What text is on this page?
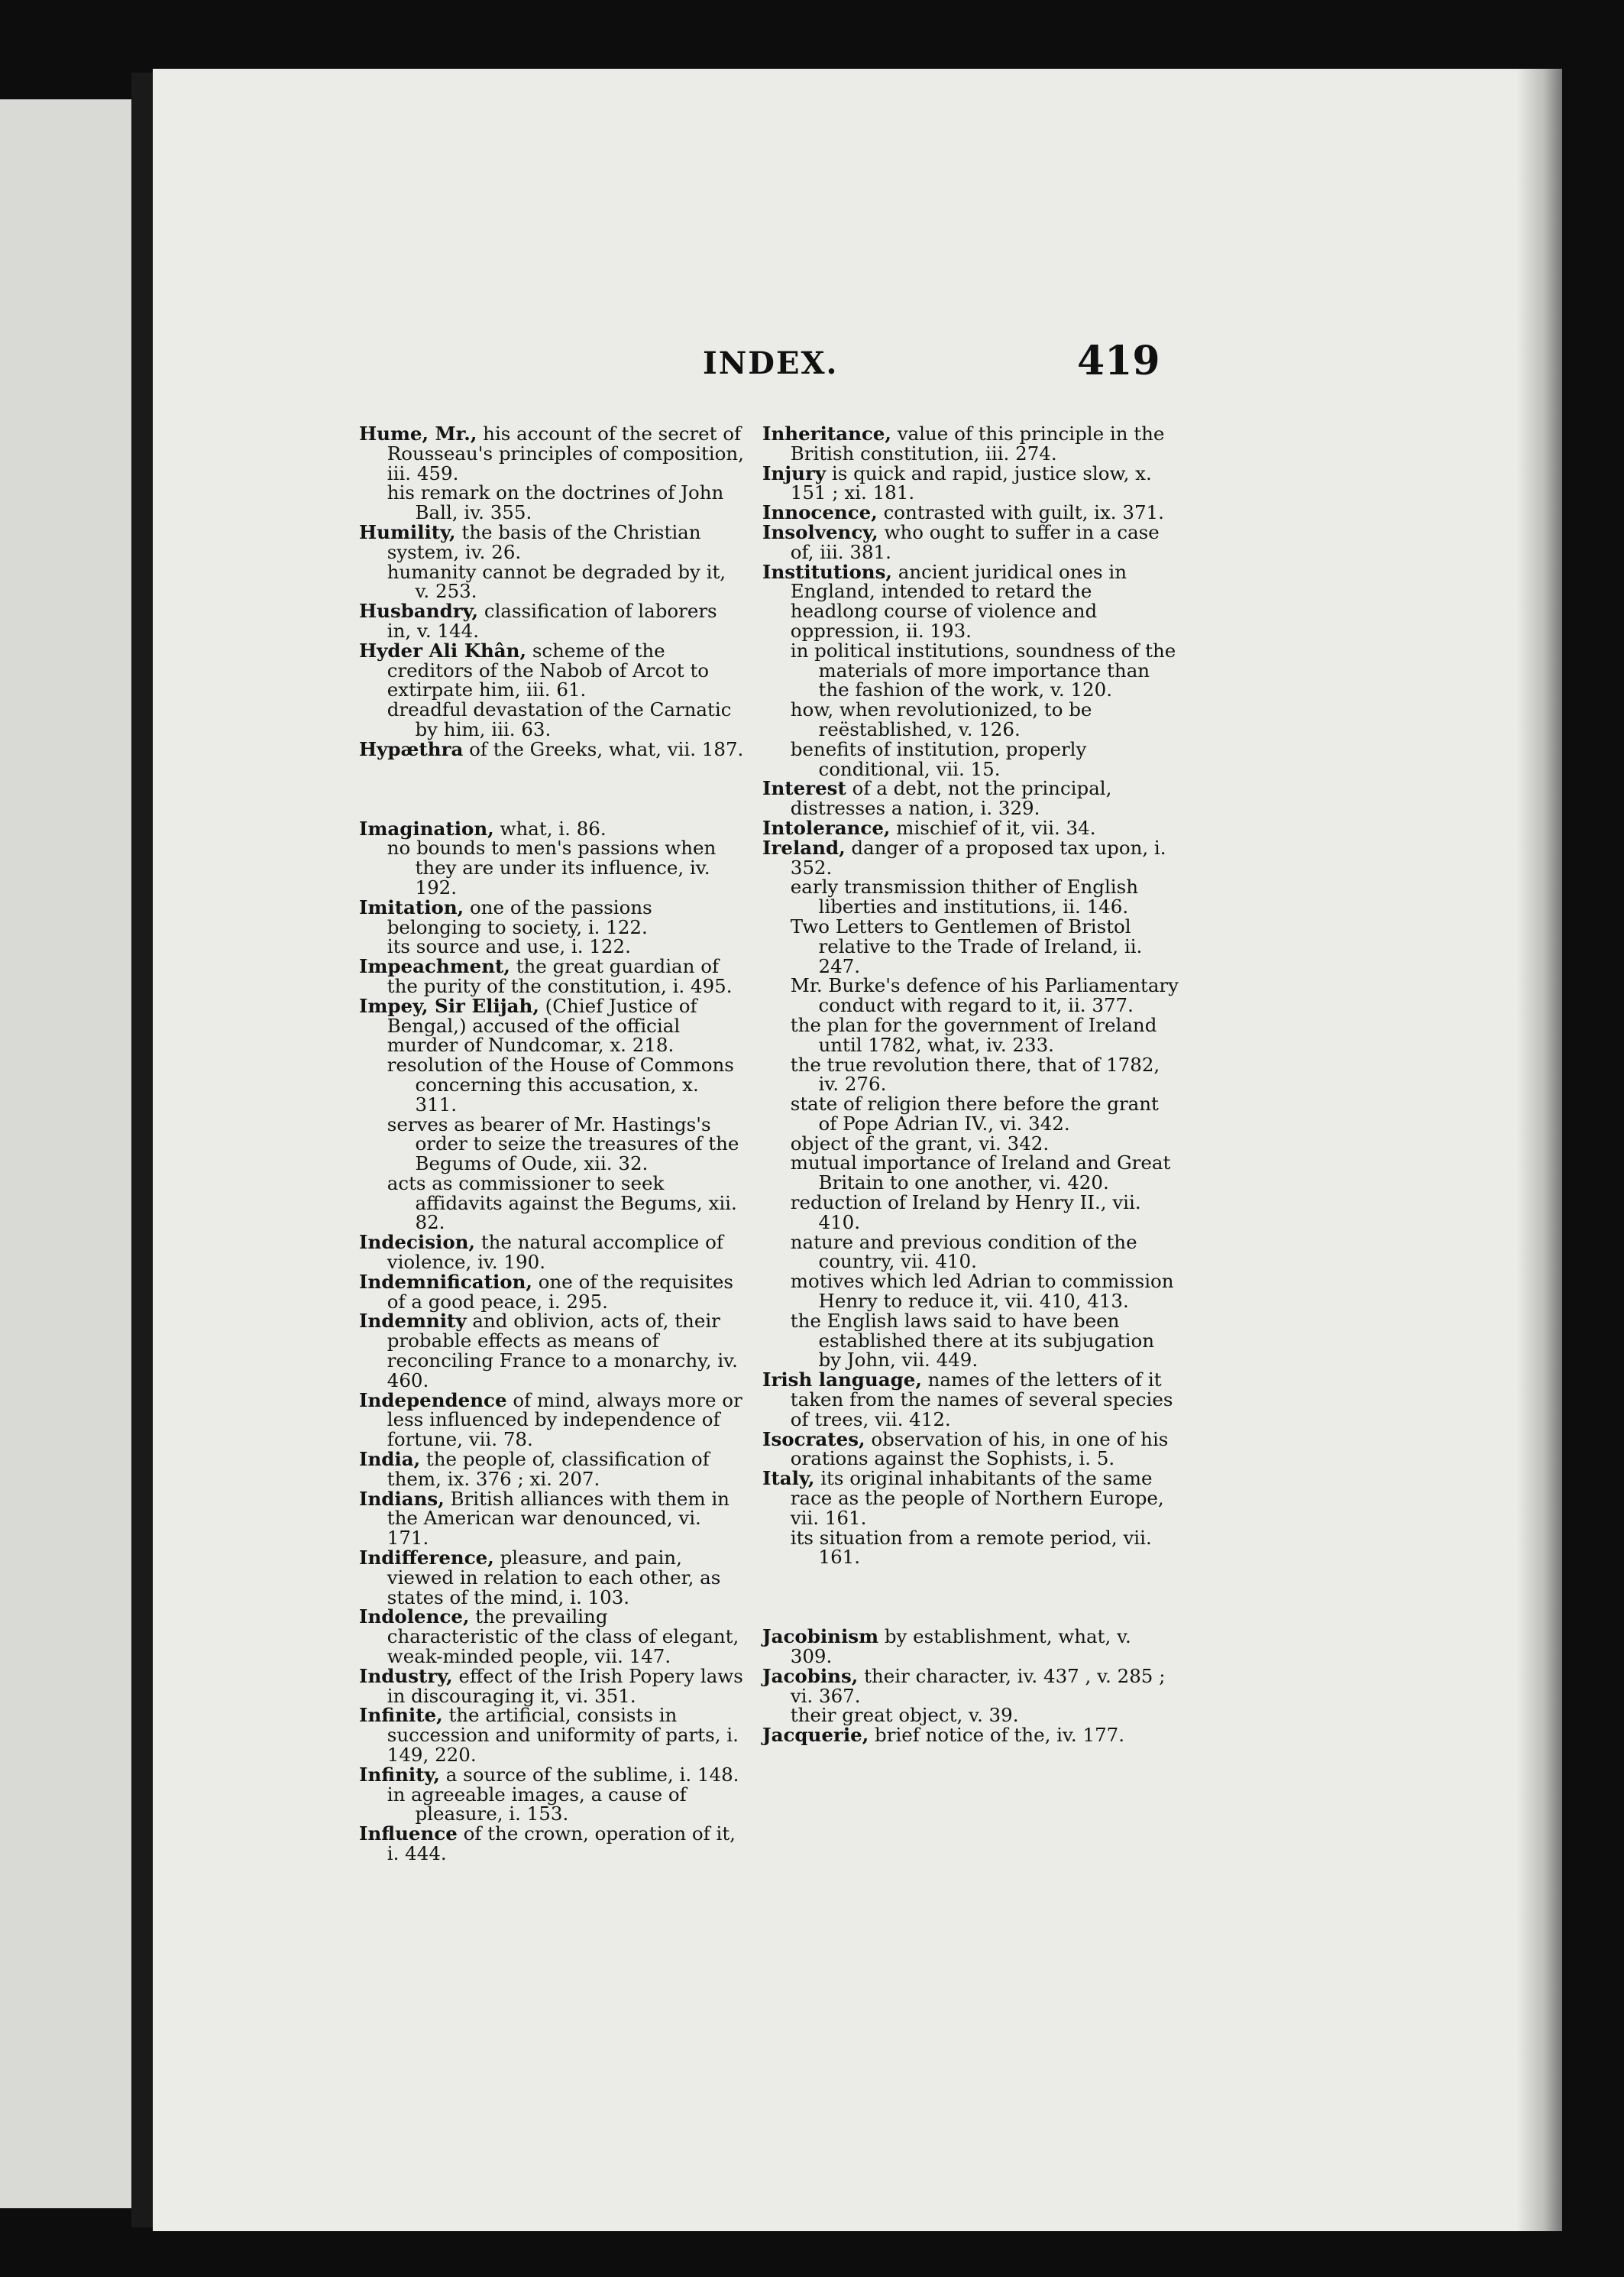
INDEX.	419

Hume, Mr., his account of the secret of Rousseau's principles of composition, iii. 459.

his remark on the doctrines of John Ball, iv. 355.

Humility, the basis of the Christian system, iv. 26.

humanity cannot be degraded by it, v. 253.

Husbandry, classification of laborers in, v. 144.

Hyder Ali Khân, scheme of the creditors of the Nabob of Arcot to extirpate him, iii. 61.

dreadful devastation of the Carnatic by him, iii. 63.

Hypæthra of the Greeks, what, vii. 187.

Imagination, what, i. 86.

no bounds to men's passions when they are under its influence, iv. 192.

Imitation, one of the passions belonging to society, i. 122.

its source and use, i. 122.

Impeachment, the great guardian of the purity of the constitution, i. 495.

Impey, Sir Elijah, (Chief Justice of Bengal,) accused of the official murder of Nundcomar, x. 218.

resolution of the House of Commons concerning this accusation, x. 311.

serves as bearer of Mr. Hastings's order to seize the treasures of the Begums of Oude, xii. 32.

acts as commissioner to seek affidavits against the Begums, xii. 82.

Indecision, the natural accomplice of violence, iv. 190.

Indemnification, one of the requisites of a good peace, i. 295.

Indemnity and oblivion, acts of, their probable effects as means of reconciling France to a monarchy, iv. 460.

Independence of mind, always more or less influenced by independence of fortune, vii. 78.

India, the people of, classification of them, ix. 376 ; xi. 207.

Indians, British alliances with them in the American war denounced, vi. 171.

Indifference, pleasure, and pain, viewed in relation to each other, as states of the mind, i. 103.

Indolence, the prevailing characteristic of the class of elegant, weak-minded people, vii. 147.

Industry, effect of the Irish Popery laws in discouraging it, vi. 351.

Infinite, the artificial, consists in succession and uniformity of parts, i. 149, 220.

Infinity, a source of the sublime, i. 148.

in agreeable images, a cause of pleasure, i. 153.

Influence of the crown, operation of it, i. 444.

Inheritance, value of this principle in the British constitution, iii. 274.

Injury is quick and rapid, justice slow, x. 151 ; xi. 181.

Innocence, contrasted with guilt, ix. 371.

Insolvency, who ought to suffer in a case of, iii. 381.

Institutions, ancient juridical ones in England, intended to retard the headlong course of violence and oppression, ii. 193.

in political institutions, soundness of the materials of more importance than the fashion of the work, v. 120.

how, when revolutionized, to be reëstablished, v. 126.

benefits of institution, properly conditional, vii. 15.

Interest of a debt, not the principal, distresses a nation, i. 329.

Intolerance, mischief of it, vii. 34.

Ireland, danger of a proposed tax upon, i. 352.

early transmission thither of English liberties and institutions, ii. 146.

Two Letters to Gentlemen of Bristol relative to the Trade of Ireland, ii. 247.

Mr. Burke's defence of his Parliamentary conduct with regard to it, ii. 377.

the plan for the government of Ireland until 1782, what, iv. 233.

the true revolution there, that of 1782, iv. 276.

state of religion there before the grant of Pope Adrian IV., vi. 342.

object of the grant, vi. 342.

mutual importance of Ireland and Great Britain to one another, vi. 420.

reduction of Ireland by Henry II., vii. 410.

nature and previous condition of the country, vii. 410.

motives which led Adrian to commission Henry to reduce it, vii. 410, 413.

the English laws said to have been established there at its subjugation by John, vii. 449.

Irish language, names of the letters of it taken from the names of several species of trees, vii. 412.

Isocrates, observation of his, in one of his orations against the Sophists, i. 5.

Italy, its original inhabitants of the same race as the people of Northern Europe, vii. 161.

its situation from a remote period, vii. 161.

Jacobinism by establishment, what, v. 309.

Jacobins, their character, iv. 437 , v. 285 ; vi. 367.

their great object, v. 39.

Jacquerie, brief notice of the, iv. 177.
